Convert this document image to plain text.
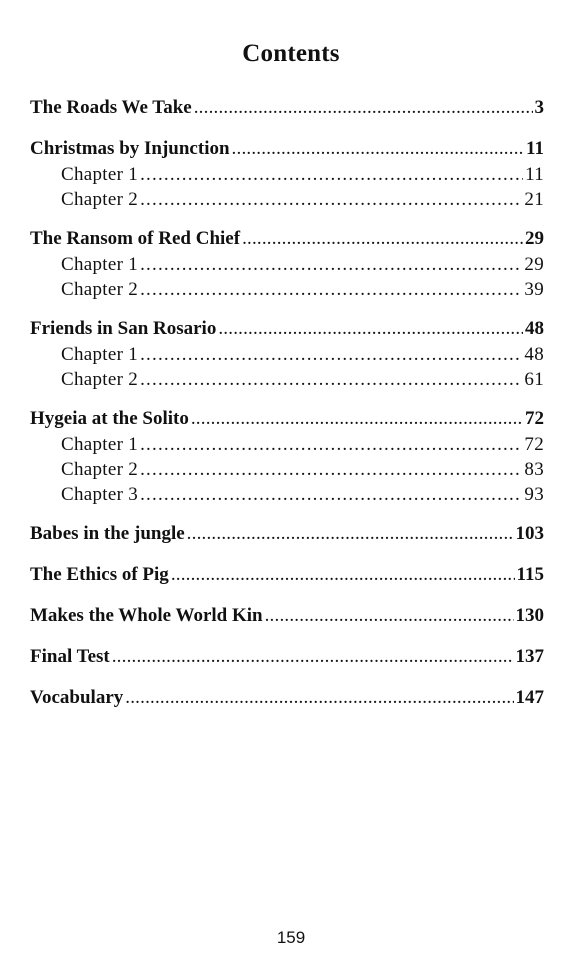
Contents
The Roads We Take .....	3
Christmas by Injunction .....	11
Chapter 1 .....	11
Chapter 2 .....	21
The Ransom of Red Chief .....	29
Chapter 1 .....	29
Chapter 2 .....	39
Friends in San Rosario .....	48
Chapter 1 .....	48
Chapter 2 .....	61
Hygeia at the Solito .....	72
Chapter 1 .....	72
Chapter 2 .....	83
Chapter 3 .....	93
Babes in the jungle .....	103
The Ethics of Pig .....	115
Makes the Whole World Kin .....	130
Final Test .....	137
Vocabulary .....	147
159
